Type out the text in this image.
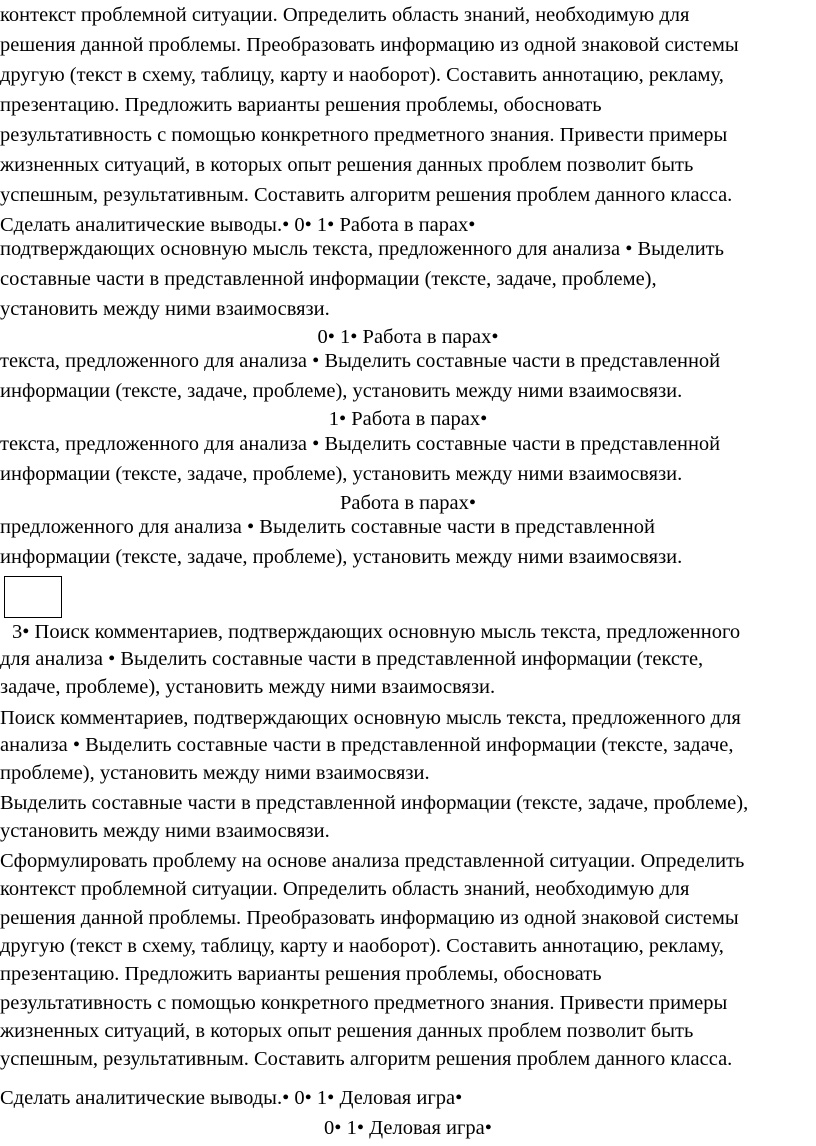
контекст проблемной ситуации. Определить область знаний, необходимую для
решения данной проблемы. Преобразовать информацию из одной знаковой системы
другую (текст в схему, таблицу, карту и наоборот). Составить аннотацию, рекламу,
презентацию. Предложить варианты решения проблемы, обосновать
результативность с помощью конкретного предметного знания. Привести примеры
жизненных ситуаций, в которых опыт решения данных проблем позволит быть
успешным, результативным. Составить алгоритм решения проблем данного класса.
Сделать аналитические выводы.• 0• 1• Работа в парах•
подтверждающих основную мысль текста, предложенного для анализа • Выделить
составные части в представленной информации (тексте, задаче, проблеме),
установить между ними взаимосвязи.
0• 1• Работа в парах•
текста, предложенного для анализа • Выделить составные части в представленной
информации (тексте, задаче, проблеме), установить между ними взаимосвязи.
1• Работа в парах•
текста, предложенного для анализа • Выделить составные части в представленной
информации (тексте, задаче, проблеме), установить между ними взаимосвязи.
Работа в парах•
предложенного для анализа • Выделить составные части в представленной
информации (тексте, задаче, проблеме), установить между ними взаимосвязи.
3• Поиск комментариев, подтверждающих основную мысль текста, предложенного
для анализа • Выделить составные части в представленной информации (тексте,
задаче, проблеме), установить между ними взаимосвязи.
Поиск комментариев, подтверждающих основную мысль текста, предложенного для
анализа • Выделить составные части в представленной информации (тексте, задаче,
проблеме), установить между ними взаимосвязи.
Выделить составные части в представленной информации (тексте, задаче, проблеме),
установить между ними взаимосвязи.
Сформулировать проблему на основе анализа представленной ситуации. Определить
контекст проблемной ситуации. Определить область знаний, необходимую для
решения данной проблемы. Преобразовать информацию из одной знаковой системы
другую (текст в схему, таблицу, карту и наоборот). Составить аннотацию, рекламу,
презентацию. Предложить варианты решения проблемы, обосновать
результативность с помощью конкретного предметного знания. Привести примеры
жизненных ситуаций, в которых опыт решения данных проблем позволит быть
успешным, результативным. Составить алгоритм решения проблем данного класса.
Сделать аналитические выводы.• 0• 1• Деловая игра•
0• 1• Деловая игра•
